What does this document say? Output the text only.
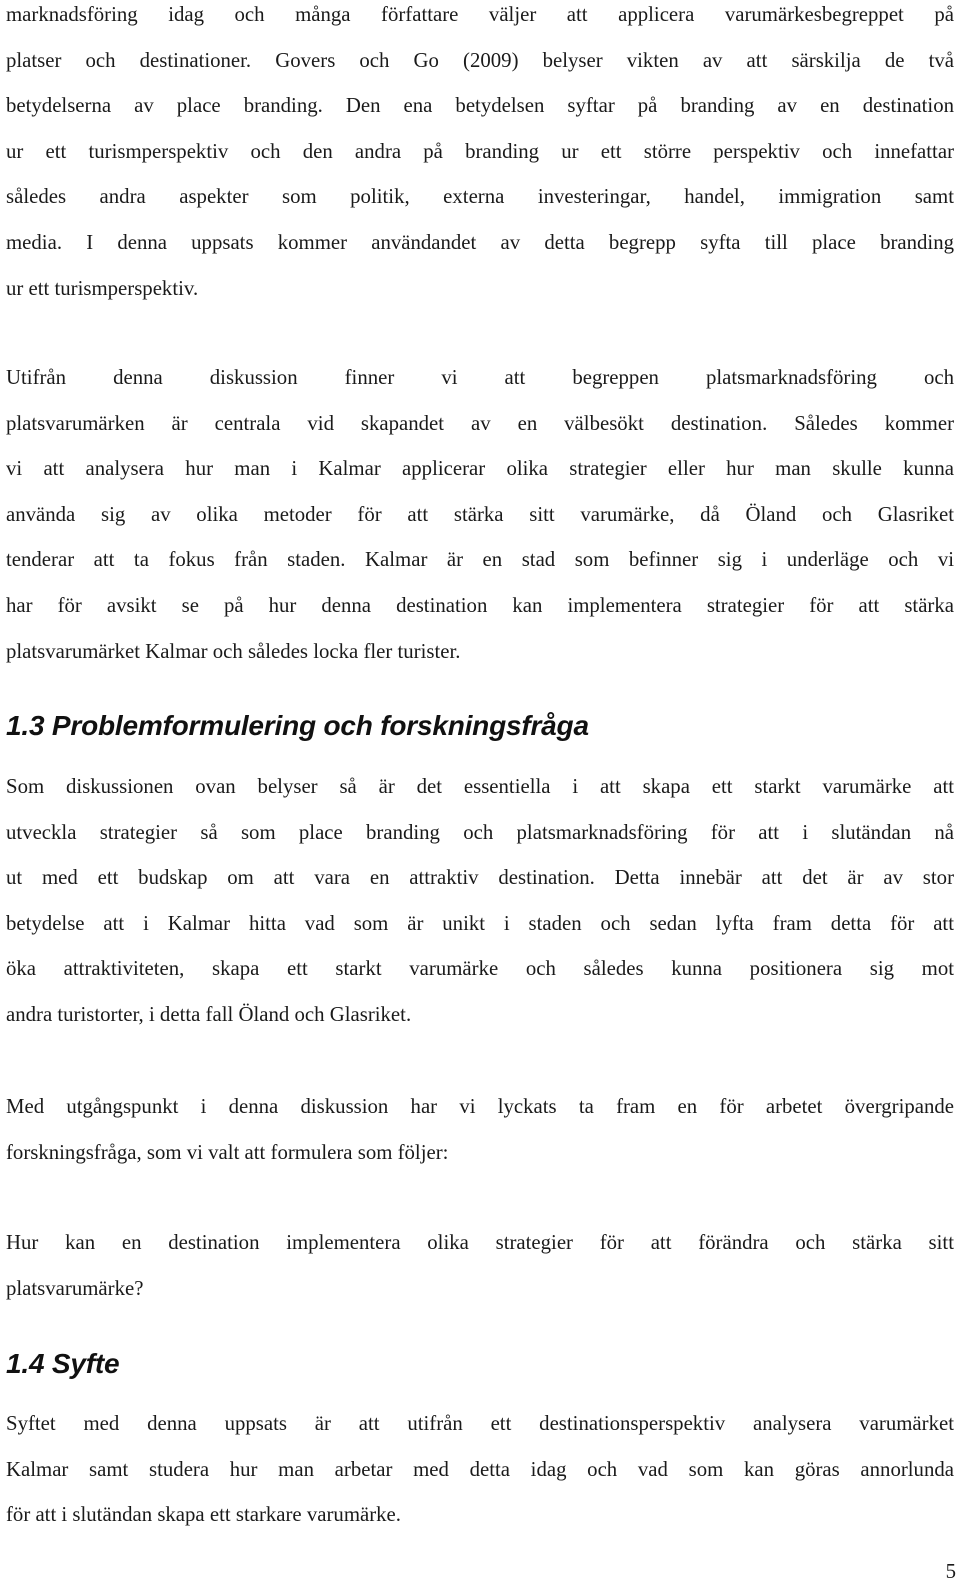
marknadsföring idag och många författare väljer att applicera varumärkesbegreppet på
platser och destinationer. Govers och Go (2009) belyser vikten av att särskilja de två
betydelserna av place branding. Den ena betydelsen syftar på branding av en destination
ur ett turismperspektiv och den andra på branding ur ett större perspektiv och innefattar
således andra aspekter som politik, externa investeringar, handel, immigration samt
media. I denna uppsats kommer användandet av detta begrepp syfta till place branding
ur ett turismperspektiv.

Utifrån denna diskussion finner vi att begreppen platsmarknadsföring och
platsvarumärken är centrala vid skapandet av en välbesökt destination. Således kommer
vi att analysera hur man i Kalmar applicerar olika strategier eller hur man skulle kunna
använda sig av olika metoder för att stärka sitt varumärke, då Öland och Glasriket
tenderar att ta fokus från staden. Kalmar är en stad som befinner sig i underläge och vi
har för avsikt se på hur denna destination kan implementera strategier för att stärka
platsvarumärket Kalmar och således locka fler turister.

1.3 Problemformulering och forskningsfråga

Som diskussionen ovan belyser så är det essentiella i att skapa ett starkt varumärke att
utveckla strategier så som place branding och platsmarknadsföring för att i slutändan nå
ut med ett budskap om att vara en attraktiv destination. Detta innebär att det är av stor
betydelse att i Kalmar hitta vad som är unikt i staden och sedan lyfta fram detta för att
öka attraktiviteten, skapa ett starkt varumärke och således kunna positionera sig mot
andra turistorter, i detta fall Öland och Glasriket.

Med utgångspunkt i denna diskussion har vi lyckats ta fram en för arbetet övergripande
forskningsfråga, som vi valt att formulera som följer:

Hur kan en destination implementera olika strategier för att förändra och stärka sitt
platsvarumärke?

1.4 Syfte

Syftet med denna uppsats är att utifrån ett destinationsperspektiv analysera varumärket
Kalmar samt studera hur man arbetar med detta idag och vad som kan göras annorlunda
för att i slutändan skapa ett starkare varumärke.

5
